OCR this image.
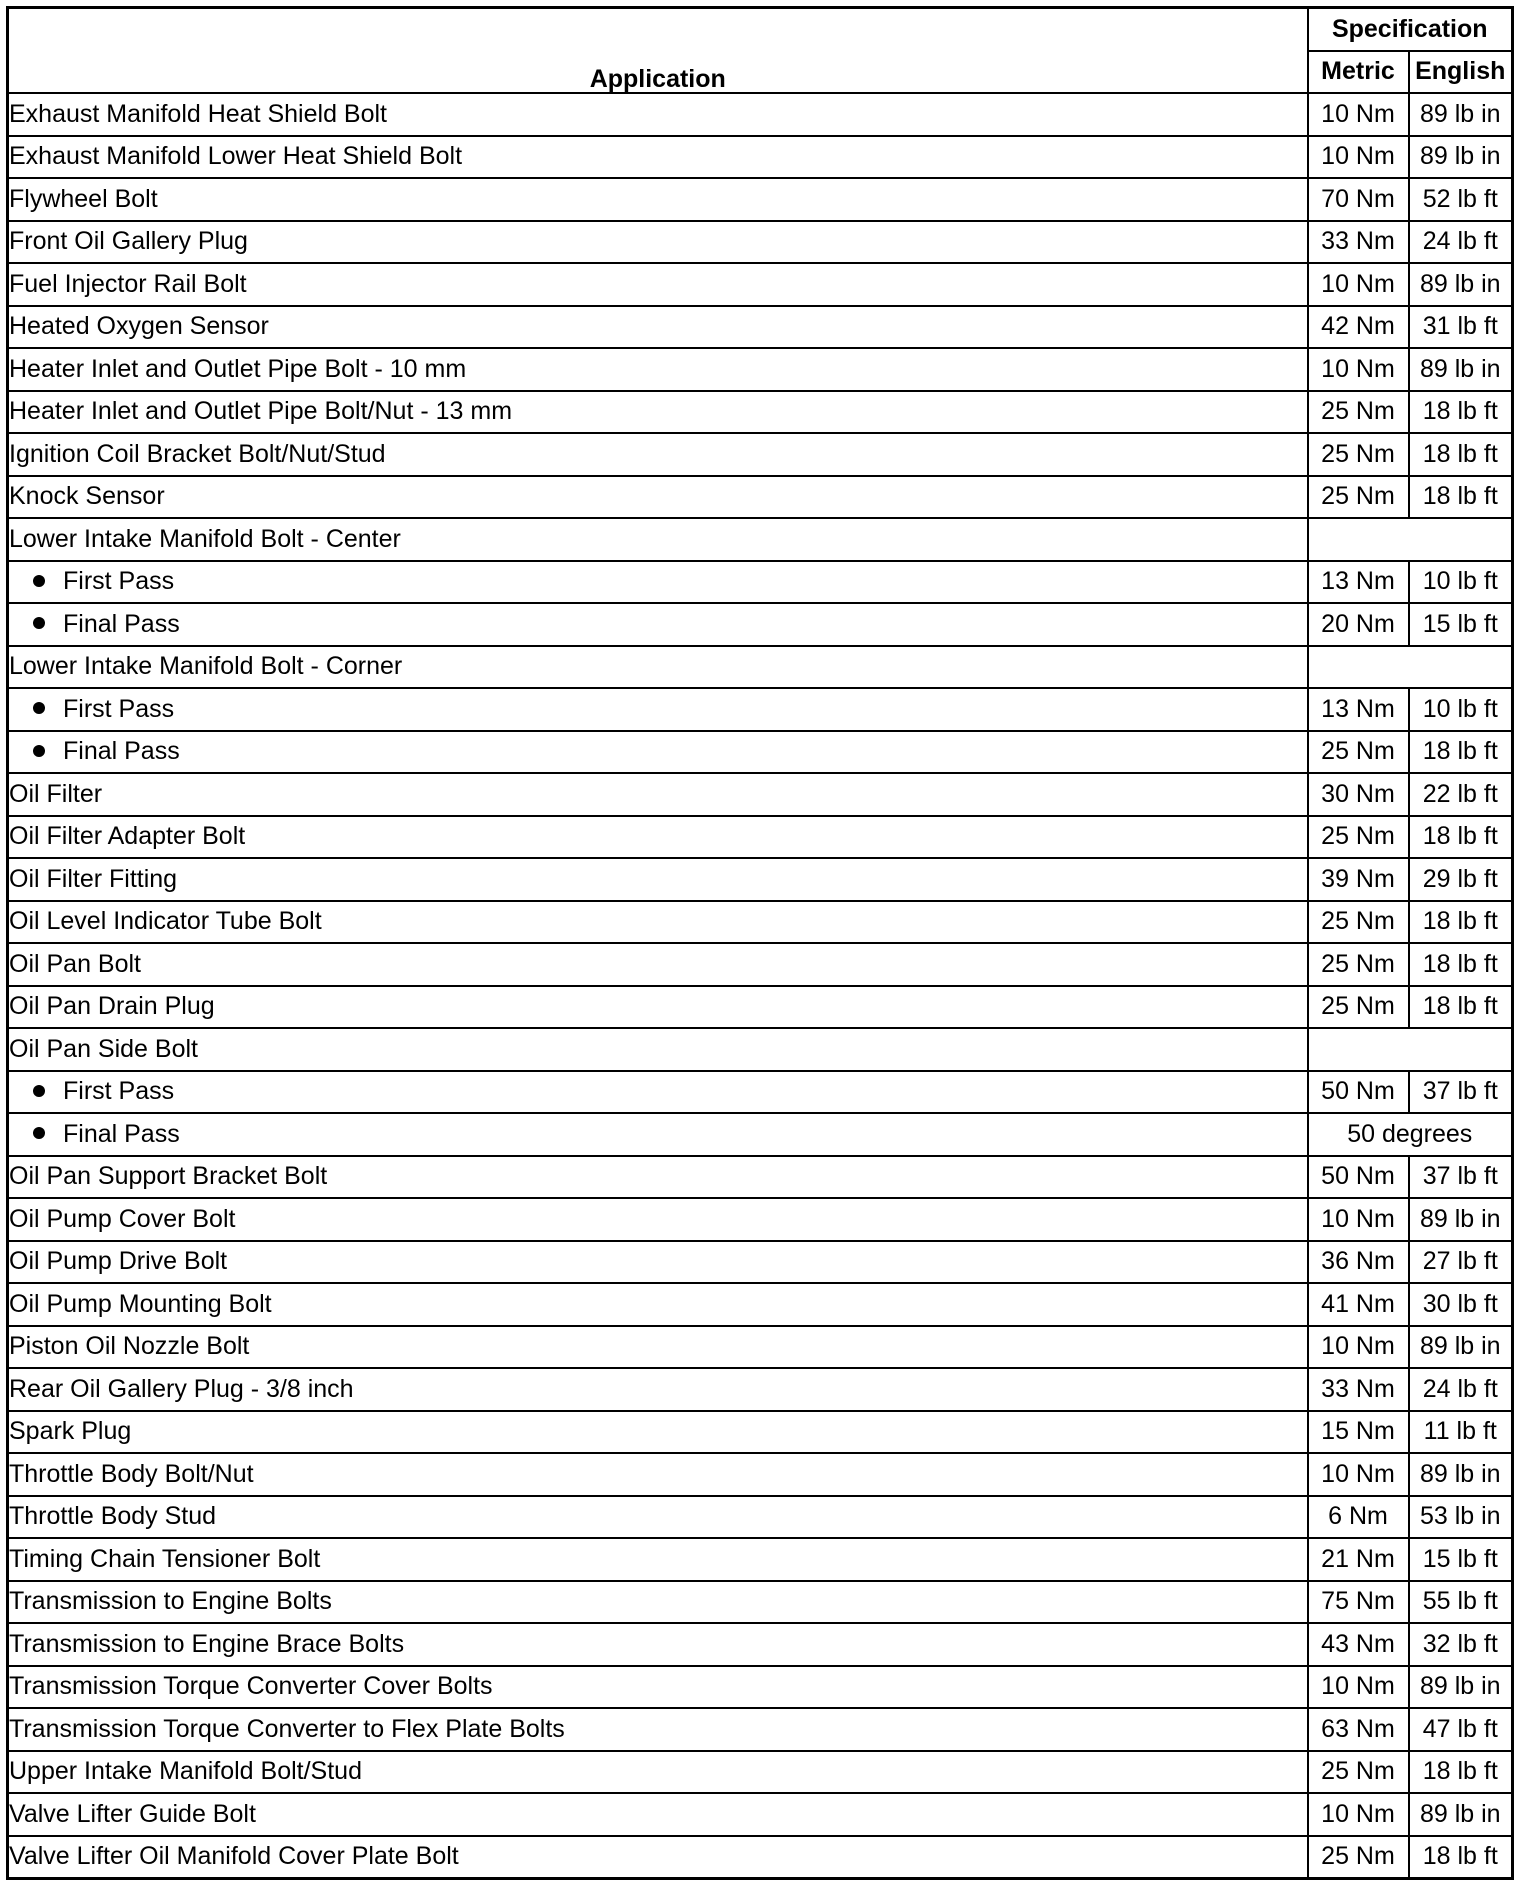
Application	Specification	
	Metric	English
Exhaust Manifold Heat Shield Bolt	10 Nm	89 lb in
Exhaust Manifold Lower Heat Shield Bolt	10 Nm	89 lb in
Flywheel Bolt	70 Nm	52 lb ft
Front Oil Gallery Plug	33 Nm	24 lb ft
Fuel Injector Rail Bolt	10 Nm	89 lb in
Heated Oxygen Sensor	42 Nm	31 lb ft
Heater Inlet and Outlet Pipe Bolt - 10 mm	10 Nm	89 lb in
Heater Inlet and Outlet Pipe Bolt/Nut - 13 mm	25 Nm	18 lb ft
Ignition Coil Bracket Bolt/Nut/Stud	25 Nm	18 lb ft
Knock Sensor	25 Nm	18 lb ft
Lower Intake Manifold Bolt - Center		
First Pass	13 Nm	10 lb ft
Final Pass	20 Nm	15 lb ft
Lower Intake Manifold Bolt - Corner		
First Pass	13 Nm	10 lb ft
Final Pass	25 Nm	18 lb ft
Oil Filter	30 Nm	22 lb ft
Oil Filter Adapter Bolt	25 Nm	18 lb ft
Oil Filter Fitting	39 Nm	29 lb ft
Oil Level Indicator Tube Bolt	25 Nm	18 lb ft
Oil Pan Bolt	25 Nm	18 lb ft
Oil Pan Drain Plug	25 Nm	18 lb ft
Oil Pan Side Bolt		
First Pass	50 Nm	37 lb ft
Final Pass	50 degrees	
Oil Pan Support Bracket Bolt	50 Nm	37 lb ft
Oil Pump Cover Bolt	10 Nm	89 lb in
Oil Pump Drive Bolt	36 Nm	27 lb ft
Oil Pump Mounting Bolt	41 Nm	30 lb ft
Piston Oil Nozzle Bolt	10 Nm	89 lb in
Rear Oil Gallery Plug - 3/8 inch	33 Nm	24 lb ft
Spark Plug	15 Nm	11 lb ft
Throttle Body Bolt/Nut	10 Nm	89 lb in
Throttle Body Stud	6 Nm	53 lb in
Timing Chain Tensioner Bolt	21 Nm	15 lb ft
Transmission to Engine Bolts	75 Nm	55 lb ft
Transmission to Engine Brace Bolts	43 Nm	32 lb ft
Transmission Torque Converter Cover Bolts	10 Nm	89 lb in
Transmission Torque Converter to Flex Plate Bolts	63 Nm	47 lb ft
Upper Intake Manifold Bolt/Stud	25 Nm	18 lb ft
Valve Lifter Guide Bolt	10 Nm	89 lb in
Valve Lifter Oil Manifold Cover Plate Bolt	25 Nm	18 lb ft
